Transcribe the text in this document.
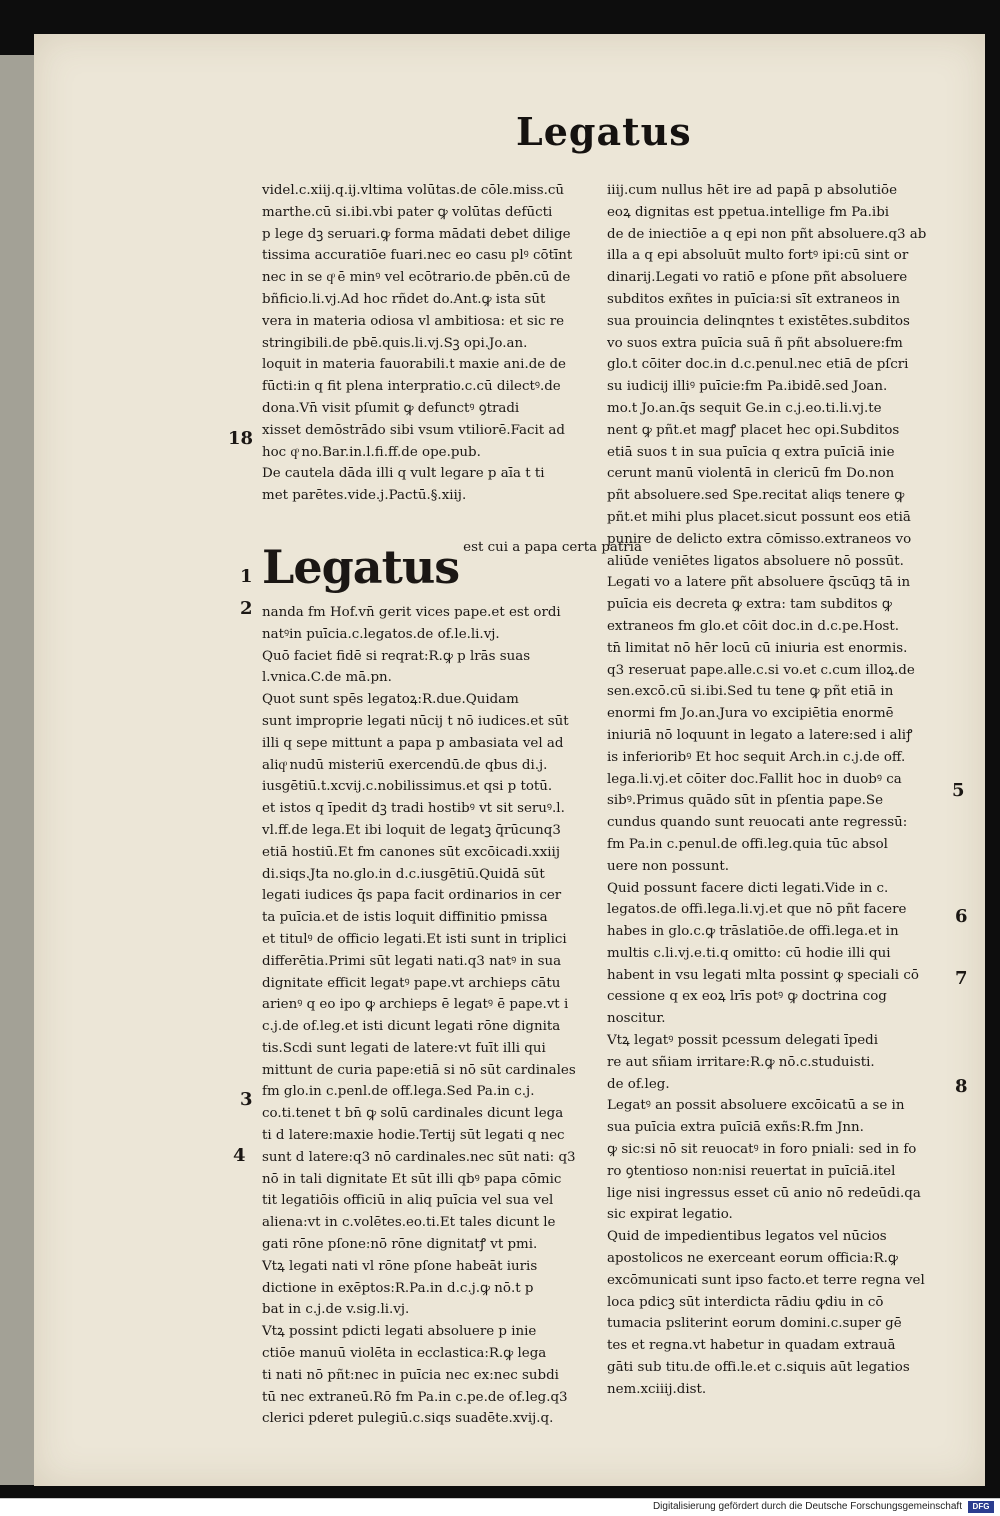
Legatus
videl.c.xiij.q.ij.vltima volūtas.de cōle.miss.cū
marthe.cū si.ibi.vbi pater ꝙ volūtas defūcti
p lege dꝫ seruari.ꝙ forma mādati debet dilige
tissima accuratiōe fuari.nec eo casu plꝰ cōtīnt
nec in se qͦ ē minꝰ vel ecōtrario.de pbēn.cū de
bñficio.li.vj.Ad hoc rñdet do.Ant.ꝙ ista sūt
vera in materia odiosa vl ambitiosa: et sic re
stringibili.de pbē.quis.li.vj.Sꝫ opi.Jo.an.
loquit in materia fauorabili.t maxie ani.de de
fūcti:in q fit plena interpratio.c.cū dilectꝰ.de
dona.Vn̄ visit pſumit ꝙ defunctꝰ ꝯtradi
xisset demōstrādo sibi vsum vtiliorē.Facit ad
hoc qͦ no.Bar.in.l.fi.ff.de ope.pub.
De cautela dāda illi q vult legare p aīa t ti
met parētes.vide.j.Pactū.§.xiij.
Legatus est cui a papa certa patria
nanda fm Hof.vn̄ gerit vices pape.et est ordi
natꝰin puīcia.c.legatos.de of.le.li.vj.
Quō faciet fidē si reqrat:R.ꝙ p lrās suas
l.vnica.C.de mā.pn.
Quot sunt spēs legatoꝝ:R.due.Quidam
sunt improprie legati nūcij t nō iudices.et sūt
illi q sepe mittunt a papa p ambasiata vel ad
aliqͦ nudū misteriū exercendū.de qbus di.j.
iusgētiū.t.xcvij.c.nobilissimus.et qsi p totū.
et istos q īpedit dꝫ tradi hostibꝰ vt sit seruꝰ.l.
vl.ff.de lega.Et ibi loquit de legatꝫ q̄rūcunq3
etiā hostiū.Et fm canones sūt excōicadi.xxiij
di.siqs.Jta no.glo.in d.c.iusgētiū.Quidā sūt
legati iudices q̄s papa facit ordinarios in cer
ta puīcia.et de istis loquit diffinitio pmissa
et titulꝰ de officio legati.Et isti sunt in triplici
differētia.Primi sūt legati nati.q3 natꝰ in sua
dignitate efficit legatꝰ pape.vt archieps cātu
arienꝰ q eo ipo ꝙ archieps ē legatꝰ ē pape.vt i
c.j.de of.leg.et isti dicunt legati rōne dignita
tis.Scdi sunt legati de latere:vt fuīt illi qui
mittunt de curia pape:etiā si nō sūt cardinales
fm glo.in c.penl.de off.lega.Sed Pa.in c.j.
co.ti.tenet t bn̄ ꝙ solū cardinales dicunt lega
ti d latere:maxie hodie.Tertij sūt legati q nec
sunt d latere:q3 nō cardinales.nec sūt nati: q3
nō in tali dignitate Et sūt illi qbꝰ papa cōmic
tit legatiōis officiū in aliq puīcia vel sua vel
aliena:vt in c.volētes.eo.ti.Et tales dicunt le
gati rōne pſone:nō rōne dignitatꝭ vt pmi.
Vtꝝ legati nati vl rōne pſone habeāt iuris
dictione in exēptos:R.Pa.in d.c.j.ꝙ nō.t p
bat in c.j.de v.sig.li.vj.
Vtꝝ possint pdicti legati absoluere p inie
ctiōe manuū violēta in ecclastica:R.ꝙ lega
ti nati nō pñt:nec in puīcia nec ex:nec subdi
tū nec extraneū.Rō fm Pa.in c.pe.de of.leg.q3
clerici pderet pulegiū.c.siqs suadēte.xvij.q.
iiij.cum nullus hēt ire ad papā p absolutiōe
eoꝝ dignitas est ppetua.intellige fm Pa.ibi
de de iniectiōe a q epi non pñt absoluere.q3 ab
illa a q epi absoluūt multo fortꝰ ipi:cū sint or
dinarij.Legati vo ratiō e pſone pñt absoluere
subditos exñtes in puīcia:si sīt extraneos in
sua prouincia delinqntes t existētes.subditos
vo suos extra puīcia suā ñ pñt absoluere:fm
glo.t cōiter doc.in d.c.penul.nec etiā de pſcri
su iudicij illiꝰ puīcie:fm Pa.ibidē.sed Joan.
mo.t Jo.an.q̄s sequit Ge.in c.j.eo.ti.li.vj.te
nent ꝙ pñt.et magꝭ placet hec opi.Subditos
etiā suos t in sua puīcia q extra puīciā inie
cerunt manū violentā in clericū fm Do.non
pñt absoluere.sed Spe.recitat aliqͦs tenere ꝙ
pñt.et mihi plus placet.sicut possunt eos etiā
punire de delicto extra cōmisso.extraneos vo
aliūde veniētes ligatos absoluere nō possūt.
Legati vo a latere pñt absoluere q̄scūqꝫ tā in
puīcia eis decreta ꝙ extra: tam subditos ꝙ
extraneos fm glo.et cōit doc.in d.c.pe.Host.
tn̄ limitat nō hēr locū cū iniuria est enormis.
q3 reseruat pape.alle.c.si vo.et c.cum illoꝝ.de
sen.excō.cū si.ibi.Sed tu tene ꝙ pñt etiā in
enormi fm Jo.an.Jura vo excipiētia enormē
iniuriā nō loquunt in legato a latere:sed i aliꝭ
is inferioribꝰ Et hoc sequit Arch.in c.j.de off.
lega.li.vj.et cōiter doc.Fallit hoc in duobꝰ ca
sibꝰ.Primus quādo sūt in pſentia pape.Se
cundus quando sunt reuocati ante regressū:
fm Pa.in c.penul.de offi.leg.quia tūc absol
uere non possunt.
Quid possunt facere dicti legati.Vide in c.
legatos.de offi.lega.li.vj.et que nō pñt facere
habes in glo.c.ꝙ trāslatiōe.de offi.lega.et in
multis c.li.vj.e.ti.q omitto: cū hodie illi qui
habent in vsu legati mlta possint ꝙ speciali cō
cessione q ex eoꝝ lrīs potꝰ ꝙ doctrina cog
noscitur.
Vtꝝ legatꝰ possit pcessum delegati īpedi
re aut sñiam irritare:R.ꝙ nō.c.studuisti.
de of.leg.
Legatꝰ an possit absoluere excōicatū a se in
sua puīcia extra puīciā exñs:R.fm Jnn.
ꝙ sic:si nō sit reuocatꝰ in foro pniali: sed in fo
ro ꝯtentioso non:nisi reuertat in puīciā.itel
lige nisi ingressus esset cū anio nō redeūdi.qa
sic expirat legatio.
Quid de impedientibus legatos vel nūcios
apostolicos ne exerceant eorum officia:R.ꝙ
excōmunicati sunt ipso facto.et terre regna vel
loca pdicꝫ sūt interdicta rādiu ꝙdiu in cō
tumacia psliterint eorum domini.c.super gē
tes et regna.vt habetur in quadam extrauā
gāti sub titu.de offi.le.et c.siquis aūt legatios
nem.xciiij.dist.
18
1
2
3
4
5
6
7
8
Digitalisierung gefördert durch die Deutsche Forschungsgemeinschaft	DFG
